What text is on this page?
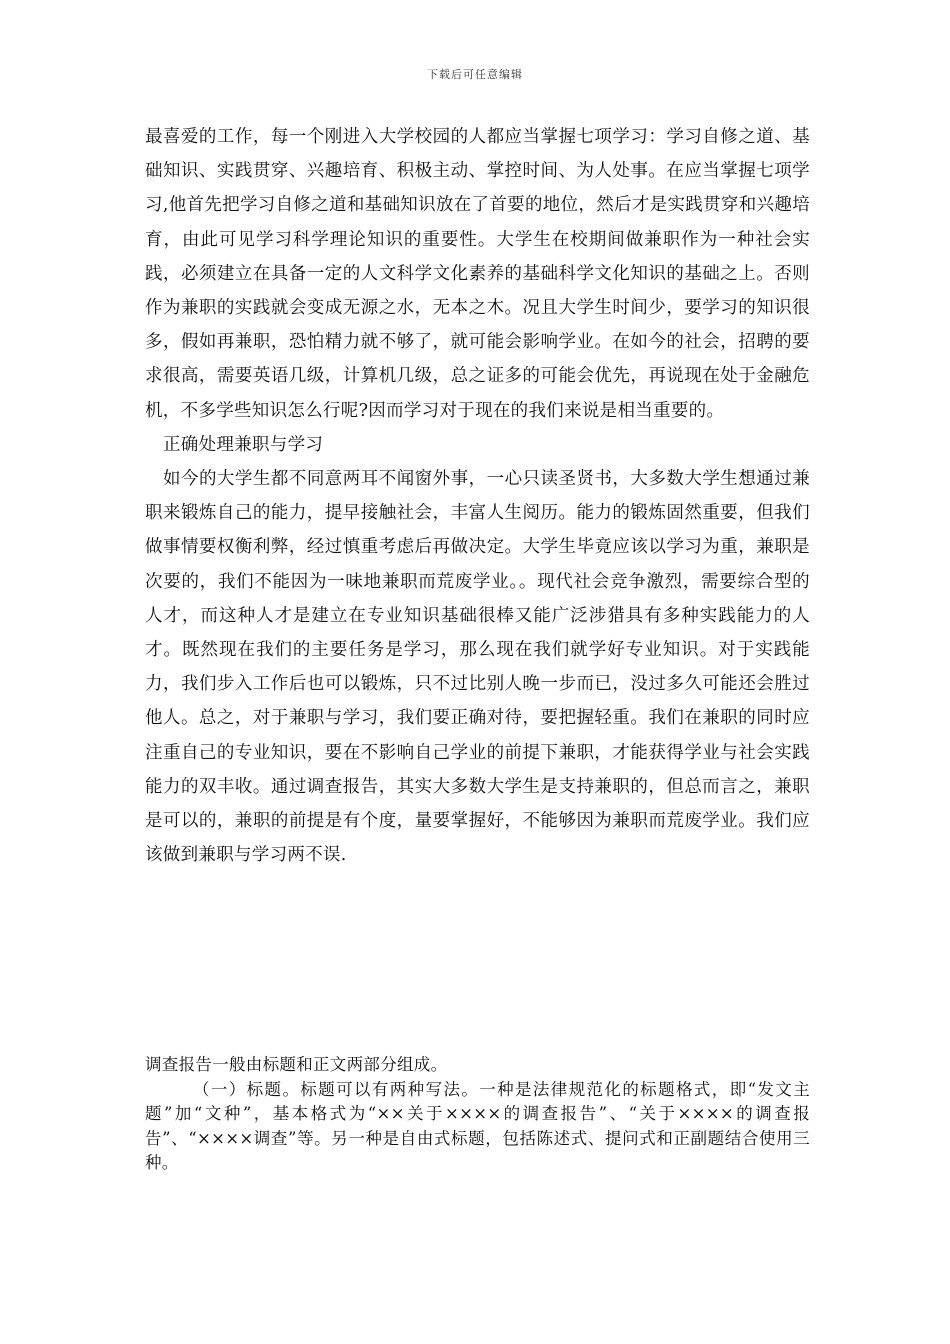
下载后可任意编辑

最喜爱的工作，每一个刚进入大学校园的人都应当掌握七项学习：学习自修之道、基础知识、实践贯穿、兴趣培育、积极主动、掌控时间、为人处事。在应当掌握七项学习,他首先把学习自修之道和基础知识放在了首要的地位，然后才是实践贯穿和兴趣培育，由此可见学习科学理论知识的重要性。大学生在校期间做兼职作为一种社会实践，必须建立在具备一定的人文科学文化素养的基础科学文化知识的基础之上。否则作为兼职的实践就会变成无源之水，无本之木。况且大学生时间少，要学习的知识很多，假如再兼职，恐怕精力就不够了，就可能会影响学业。在如今的社会，招聘的要求很高，需要英语几级，计算机几级，总之证多的可能会优先，再说现在处于金融危机，不多学些知识怎么行呢?因而学习对于现在的我们来说是相当重要的。

正确处理兼职与学习

如今的大学生都不同意两耳不闻窗外事，一心只读圣贤书，大多数大学生想通过兼职来锻炼自己的能力，提早接触社会，丰富人生阅历。能力的锻炼固然重要，但我们做事情要权衡利弊，经过慎重考虑后再做决定。大学生毕竟应该以学习为重，兼职是次要的，我们不能因为一味地兼职而荒废学业。。现代社会竞争激烈，需要综合型的人才，而这种人才是建立在专业知识基础很棒又能广泛涉猎具有多种实践能力的人才。既然现在我们的主要任务是学习，那么现在我们就学好专业知识。对于实践能力，我们步入工作后也可以锻炼，只不过比别人晚一步而已，没过多久可能还会胜过他人。总之，对于兼职与学习，我们要正确对待，要把握轻重。我们在兼职的同时应注重自己的专业知识，要在不影响自己学业的前提下兼职，才能获得学业与社会实践能力的双丰收。通过调查报告，其实大多数大学生是支持兼职的，但总而言之，兼职是可以的，兼职的前提是有个度，量要掌握好，不能够因为兼职而荒废学业。我们应该做到兼职与学习两不误.

调查报告一般由标题和正文两部分组成。

（一）标题。标题可以有两种写法。一种是法律规范化的标题格式，即“发文主题”加“文种”，基本格式为“××关于××××的调查报告”、“关于××××的调查报告”、“××××调查”等。另一种是自由式标题，包括陈述式、提问式和正副题结合使用三种。
